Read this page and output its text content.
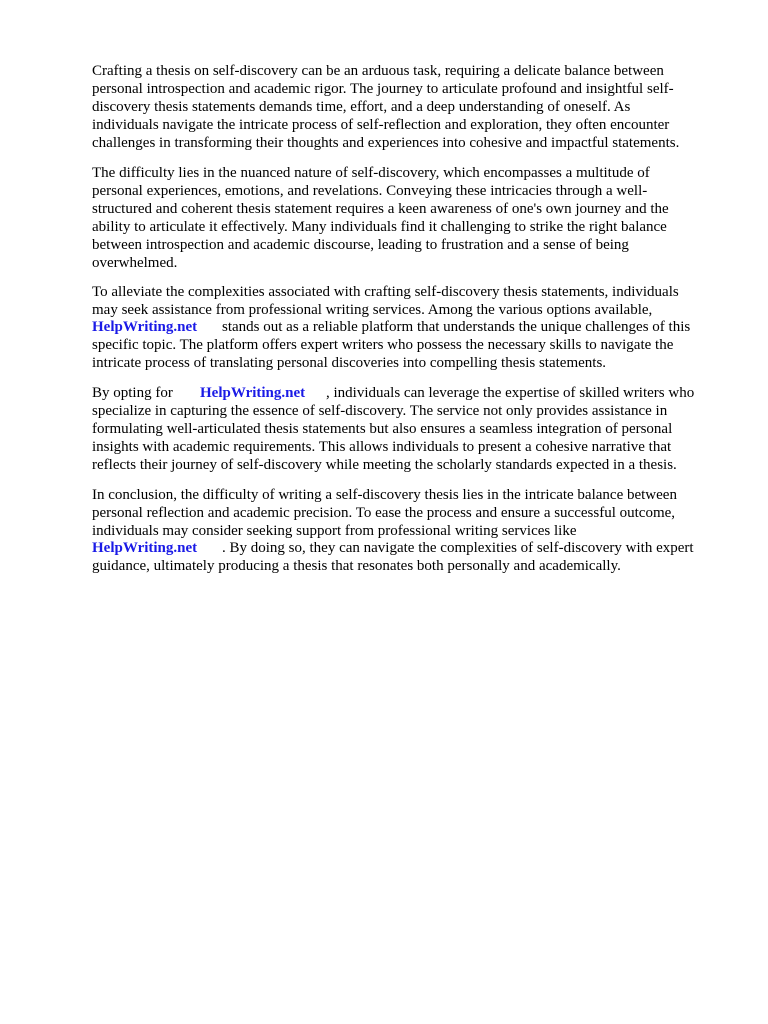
Crafting a thesis on self-discovery can be an arduous task, requiring a delicate balance between
personal introspection and academic rigor. The journey to articulate profound and insightful self-
discovery thesis statements demands time, effort, and a deep understanding of oneself. As
individuals navigate the intricate process of self-reflection and exploration, they often encounter
challenges in transforming their thoughts and experiences into cohesive and impactful statements.
The difficulty lies in the nuanced nature of self-discovery, which encompasses a multitude of
personal experiences, emotions, and revelations. Conveying these intricacies through a well-
structured and coherent thesis statement requires a keen awareness of one's own journey and the
ability to articulate it effectively. Many individuals find it challenging to strike the right balance
between introspection and academic discourse, leading to frustration and a sense of being
overwhelmed.
To alleviate the complexities associated with crafting self-discovery thesis statements, individuals
may seek assistance from professional writing services. Among the various options available,
HelpWriting.net stands out as a reliable platform that understands the unique challenges of this
specific topic. The platform offers expert writers who possess the necessary skills to navigate the
intricate process of translating personal discoveries into compelling thesis statements.
By opting for HelpWriting.net , individuals can leverage the expertise of skilled writers who
specialize in capturing the essence of self-discovery. The service not only provides assistance in
formulating well-articulated thesis statements but also ensures a seamless integration of personal
insights with academic requirements. This allows individuals to present a cohesive narrative that
reflects their journey of self-discovery while meeting the scholarly standards expected in a thesis.
In conclusion, the difficulty of writing a self-discovery thesis lies in the intricate balance between
personal reflection and academic precision. To ease the process and ensure a successful outcome,
individuals may consider seeking support from professional writing services like
HelpWriting.net . By doing so, they can navigate the complexities of self-discovery with expert
guidance, ultimately producing a thesis that resonates both personally and academically.
